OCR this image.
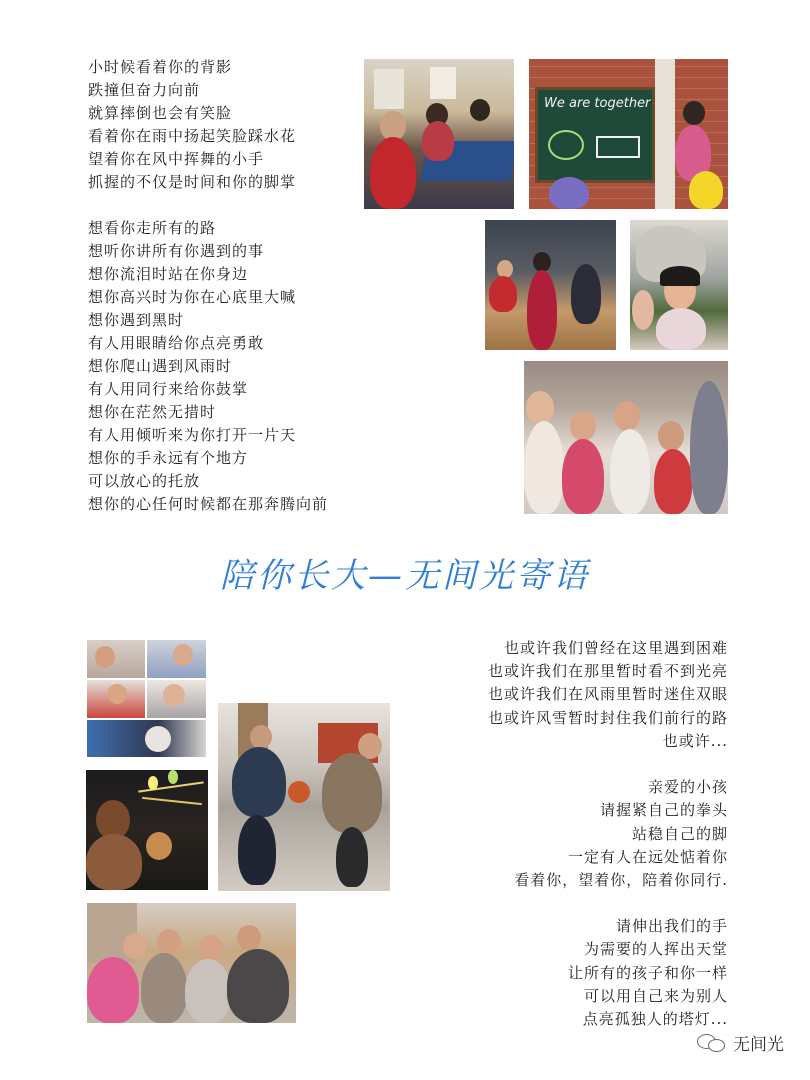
小时候看着你的背影
跌撞但奋力向前
就算摔倒也会有笑脸
看着你在雨中扬起笑脸踩水花
望着你在风中挥舞的小手
抓握的不仅是时间和你的脚掌
想看你走所有的路
想听你讲所有你遇到的事
想你流泪时站在你身边
想你高兴时为你在心底里大喊
想你遇到黑时
有人用眼睛给你点亮勇敢
想你爬山遇到风雨时
有人用同行来给你鼓掌
想你在茫然无措时
有人用倾听来为你打开一片天
想你的手永远有个地方
可以放心的托放
想你的心任何时候都在那奔腾向前
We are together
陪你长大—无间光寄语
也或许我们曾经在这里遇到困难
也或许我们在那里暂时看不到光亮
也或许我们在风雨里暂时迷住双眼
也或许风雪暂时封住我们前行的路
也或许...
亲爱的小孩
请握紧自己的拳头
站稳自己的脚
一定有人在远处惦着你
看着你，望着你，陪着你同行.
请伸出我们的手
为需要的人挥出天堂
让所有的孩子和你一样
可以用自己来为别人
点亮孤独人的塔灯...
无间光
